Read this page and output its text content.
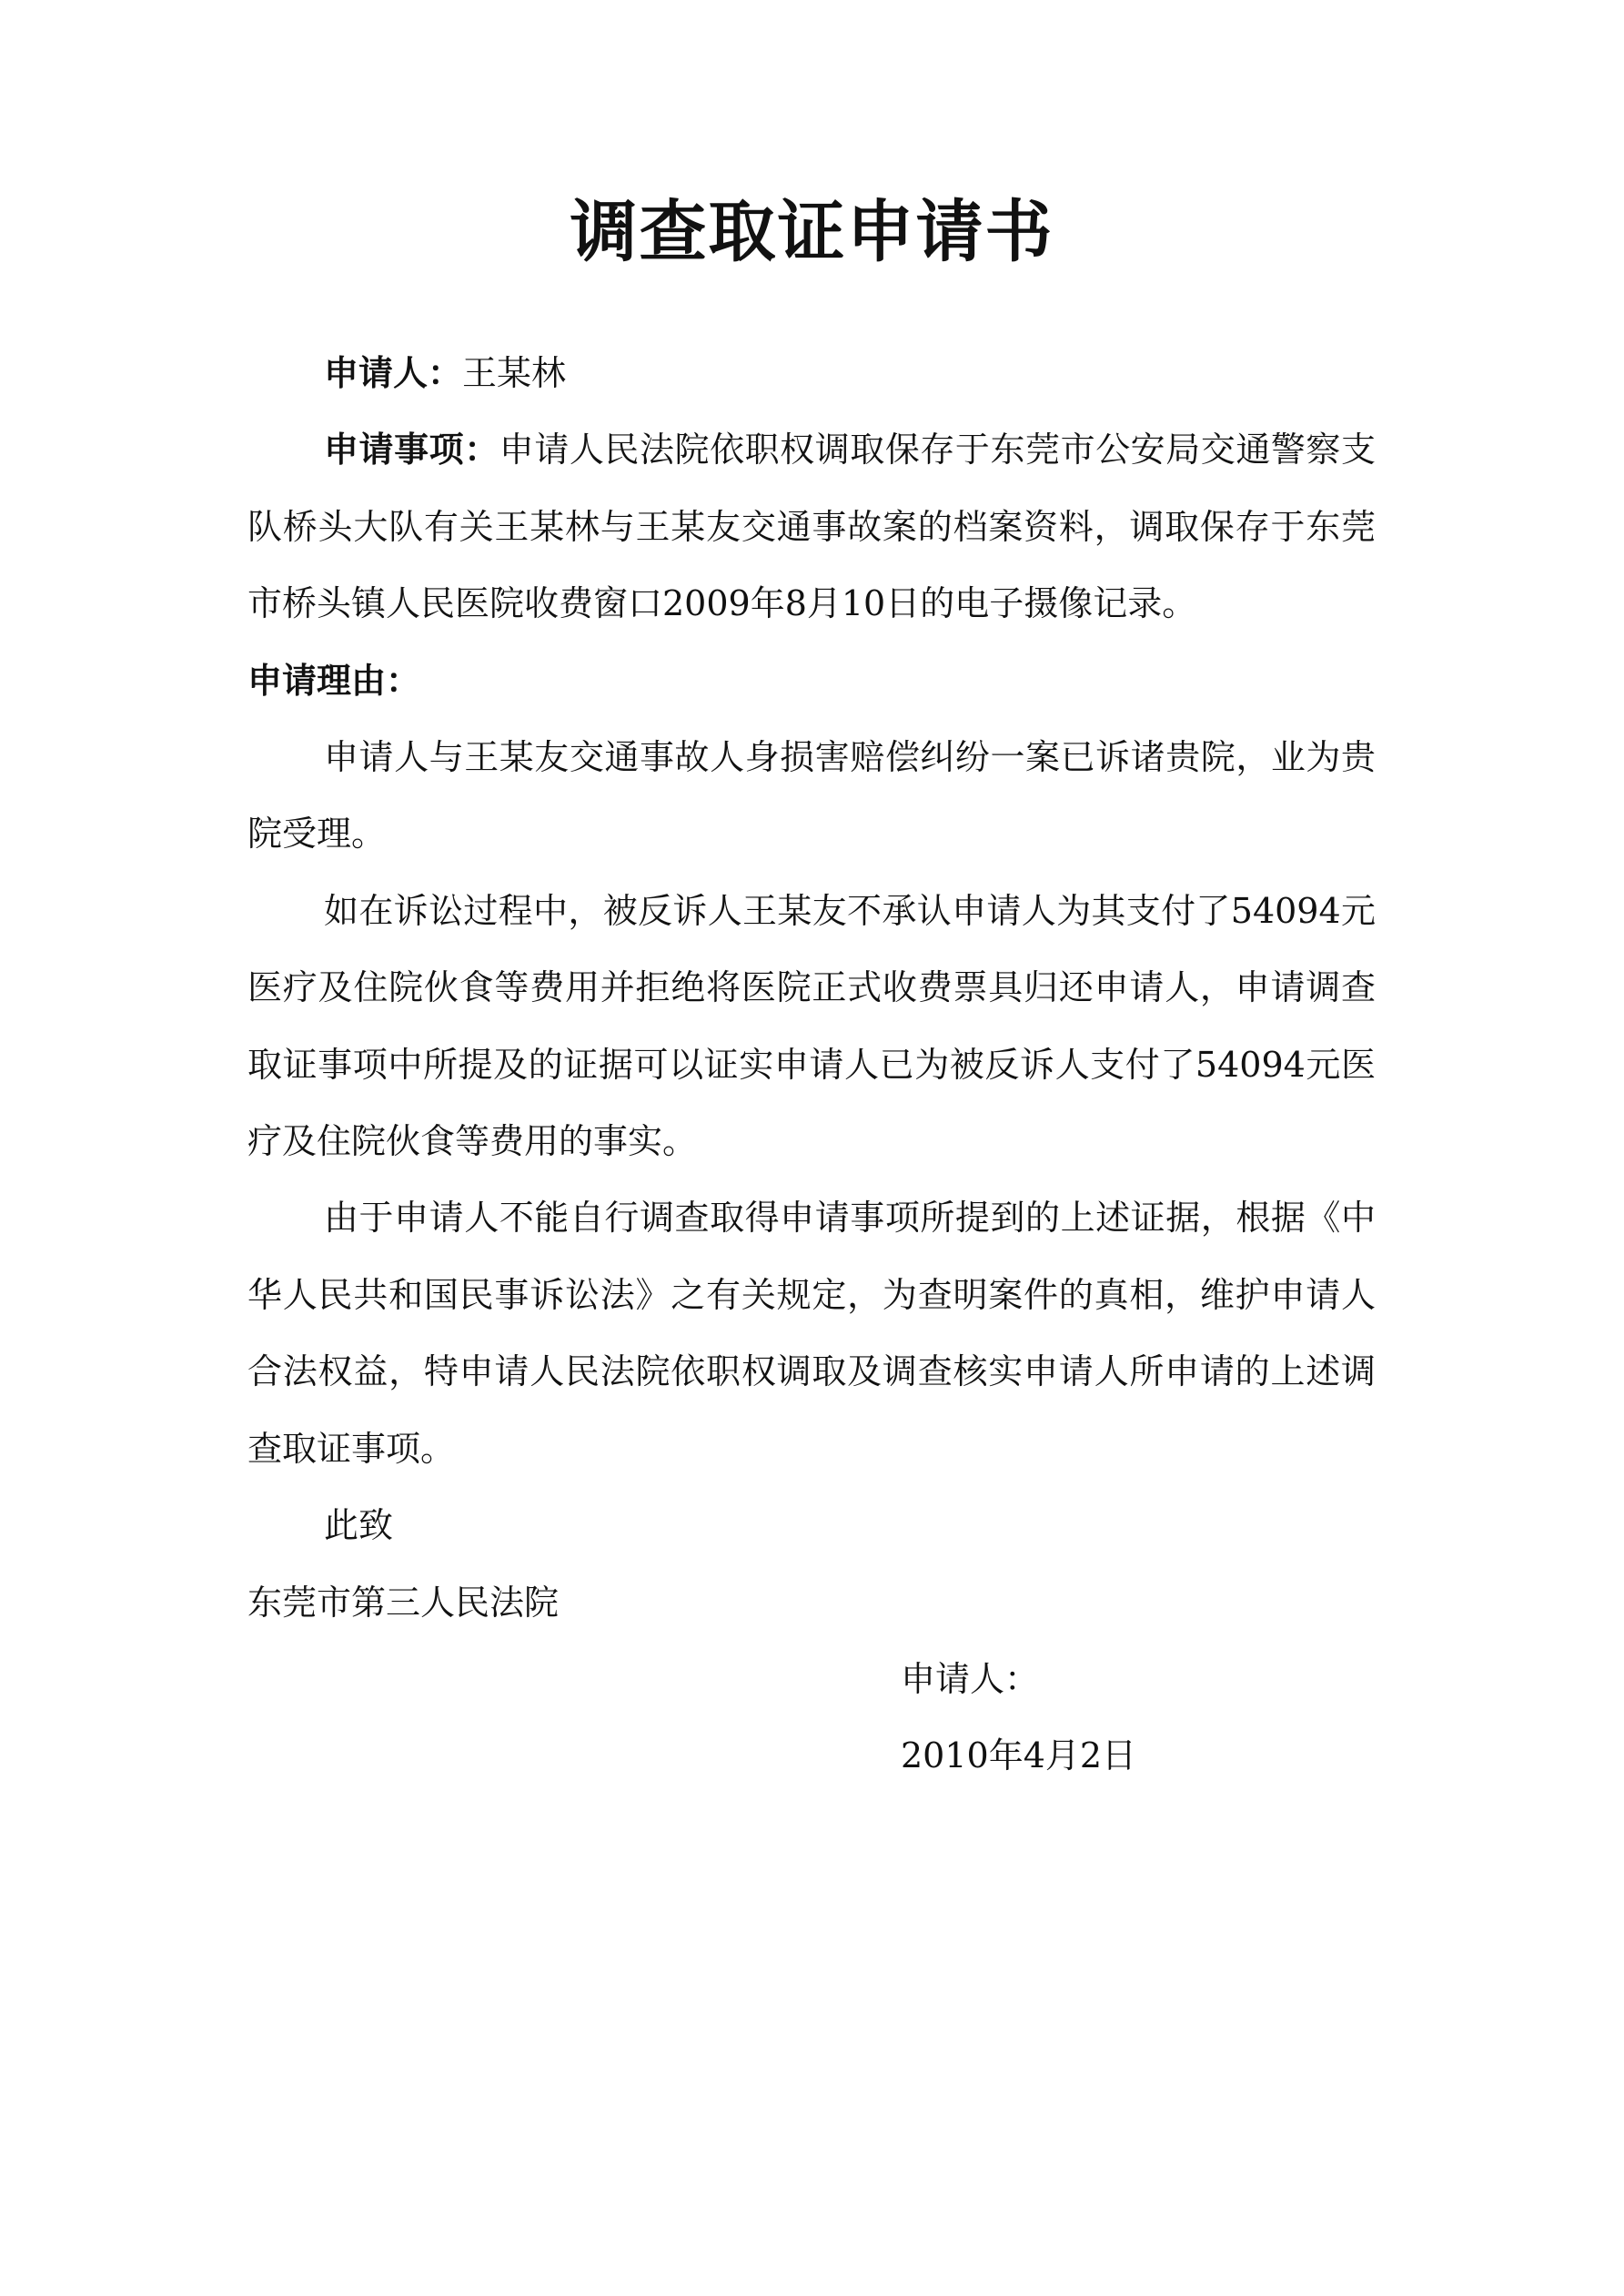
调查取证申请书

申请人：王某林

申请事项：申请人民法院依职权调取保存于东莞市公安局交通警察支队桥头大队有关王某林与王某友交通事故案的档案资料，调取保存于东莞市桥头镇人民医院收费窗口2009年8月10日的电子摄像记录。

申请理由：

申请人与王某友交通事故人身损害赔偿纠纷一案已诉诸贵院，业为贵院受理。

如在诉讼过程中，被反诉人王某友不承认申请人为其支付了54094元医疗及住院伙食等费用并拒绝将医院正式收费票具归还申请人，申请调查取证事项中所提及的证据可以证实申请人已为被反诉人支付了54094元医疗及住院伙食等费用的事实。

由于申请人不能自行调查取得申请事项所提到的上述证据，根据《中华人民共和国民事诉讼法》之有关规定，为查明案件的真相，维护申请人合法权益，特申请人民法院依职权调取及调查核实申请人所申请的上述调查取证事项。

此致

东莞市第三人民法院

申请人：

2010年4月2日
